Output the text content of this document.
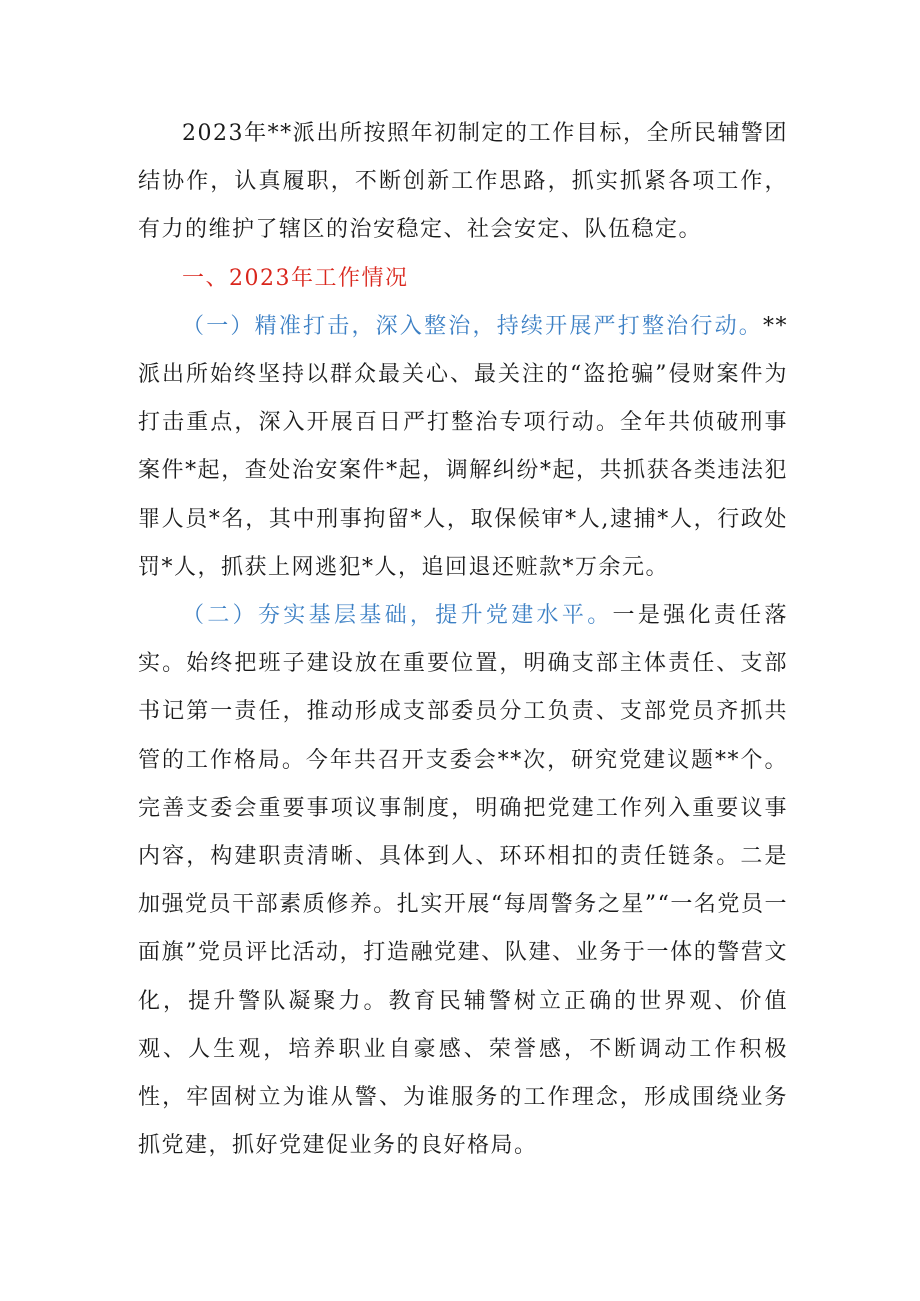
2023年**派出所按照年初制定的工作目标，全所民辅警团结协作，认真履职，不断创新工作思路，抓实抓紧各项工作，有力的维护了辖区的治安稳定、社会安定、队伍稳定。

一、2023年工作情况

（一）精准打击，深入整治，持续开展严打整治行动。**派出所始终坚持以群众最关心、最关注的“盗抢骗”侵财案件为打击重点，深入开展百日严打整治专项行动。全年共侦破刑事案件*起，查处治安案件*起，调解纠纷*起，共抓获各类违法犯罪人员*名，其中刑事拘留*人，取保候审*人,逮捕*人，行政处罚*人，抓获上网逃犯*人，追回退还赃款*万余元。

（二）夯实基层基础，提升党建水平。一是强化责任落实。始终把班子建设放在重要位置，明确支部主体责任、支部书记第一责任，推动形成支部委员分工负责、支部党员齐抓共管的工作格局。今年共召开支委会**次，研究党建议题**个。完善支委会重要事项议事制度，明确把党建工作列入重要议事内容，构建职责清晰、具体到人、环环相扣的责任链条。二是加强党员干部素质修养。扎实开展“每周警务之星”“一名党员一面旗”党员评比活动，打造融党建、队建、业务于一体的警营文化，提升警队凝聚力。教育民辅警树立正确的世界观、价值观、人生观，培养职业自豪感、荣誉感，不断调动工作积极性，牢固树立为谁从警、为谁服务的工作理念，形成围绕业务抓党建，抓好党建促业务的良好格局。
